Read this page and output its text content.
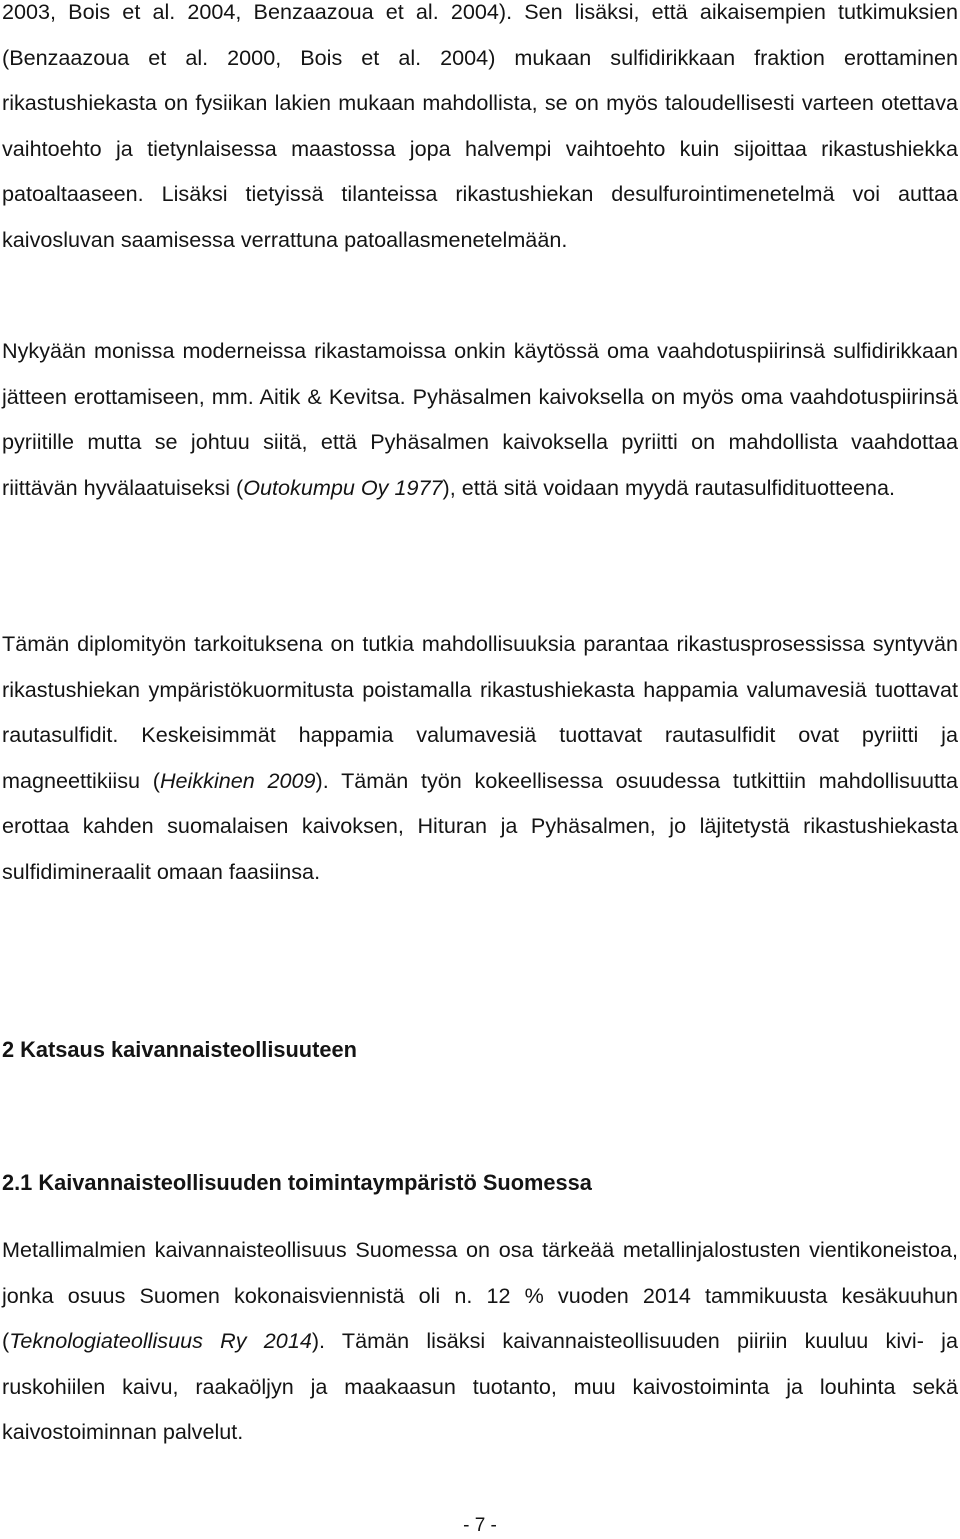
2003, Bois et al. 2004, Benzaazoua et al. 2004). Sen lisäksi, että aikaisempien tutkimuksien (Benzaazoua et al. 2000, Bois et al. 2004) mukaan sulfidirikkaan fraktion erottaminen rikastushiekasta on fysiikan lakien mukaan mahdollista, se on myös taloudellisesti varteen otettava vaihtoehto ja tietynlaisessa maastossa jopa halvempi vaihtoehto kuin sijoittaa rikastushiekka patoaltaaseen. Lisäksi tietyissä tilanteissa rikastushiekan desulfurointimenetelmä voi auttaa kaivosluvan saamisessa verrattuna patoallasmenetelmään.

Nykyään monissa moderneissa rikastamoissa onkin käytössä oma vaahdotuspiirinsä sulfidirikkaan jätteen erottamiseen, mm. Aitik & Kevitsa. Pyhäsalmen kaivoksella on myös oma vaahdotuspiirinsä pyriitille mutta se johtuu siitä, että Pyhäsalmen kaivoksella pyriitti on mahdollista vaahdottaa riittävän hyvälaatuiseksi (Outokumpu Oy 1977), että sitä voidaan myydä rautasulfidituotteena.

Tämän diplomityön tarkoituksena on tutkia mahdollisuuksia parantaa rikastusprosessissa syntyvän rikastushiekan ympäristökuormitusta poistamalla rikastushiekasta happamia valumavesiä tuottavat rautasulfidit. Keskeisimmät happamia valumavesiä tuottavat rautasulfidit ovat pyriitti ja magneettikiisu (Heikkinen 2009). Tämän työn kokeellisessa osuudessa tutkittiin mahdollisuutta erottaa kahden suomalaisen kaivoksen, Hituran ja Pyhäsalmen, jo läjitetystä rikastushiekasta sulfidimineraalit omaan faasiinsa.

2 Katsaus kaivannaisteollisuuteen
2.1 Kaivannaisteollisuuden toimintaympäristö Suomessa

Metallimalmien kaivannaisteollisuus Suomessa on osa tärkeää metallinjalostusten vientikoneistoa, jonka osuus Suomen kokonaisviennistä oli n. 12 % vuoden 2014 tammikuusta kesäkuuhun (Teknologiateollisuus Ry 2014). Tämän lisäksi kaivannaisteollisuuden piiriin kuuluu kivi- ja ruskohiilen kaivu, raakaöljyn ja maakaasun tuotanto, muu kaivostoiminta ja louhinta sekä kaivostoiminnan palvelut.

- 7 -
